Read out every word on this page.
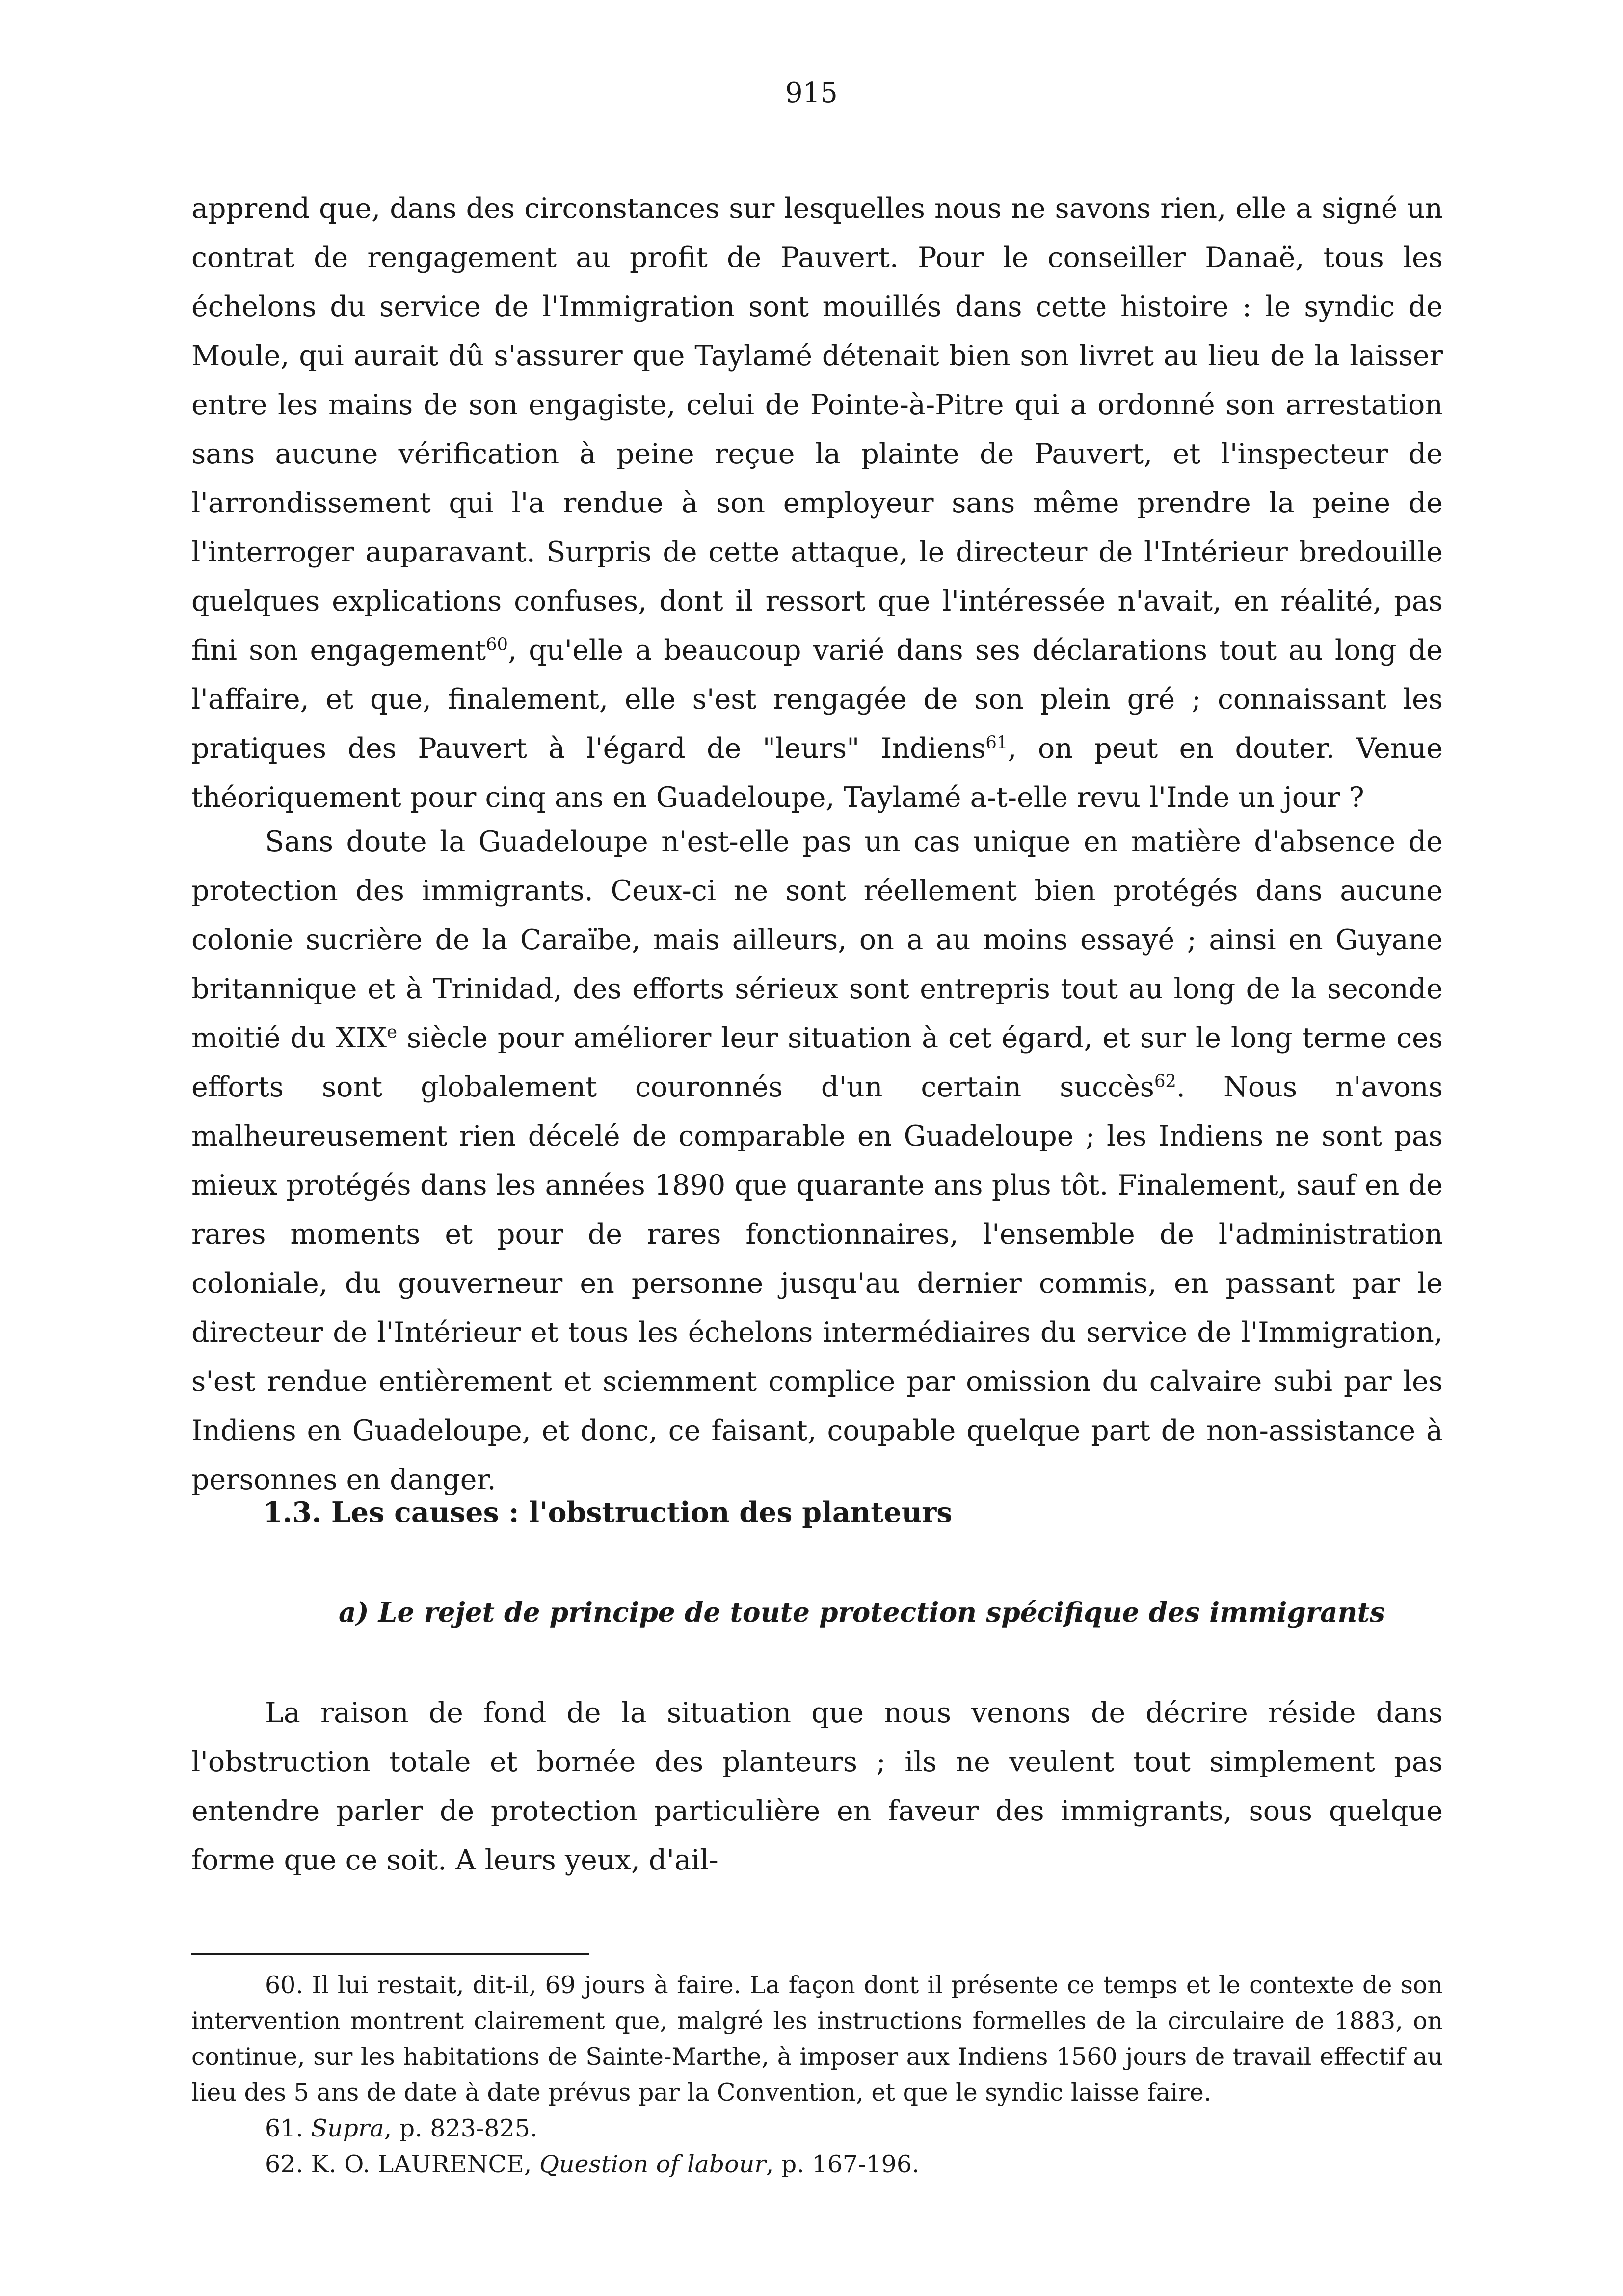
915

apprend que, dans des circonstances sur lesquelles nous ne savons rien, elle a signé un contrat de rengagement au profit de Pauvert. Pour le conseiller Danaë, tous les échelons du service de l'Immigration sont mouillés dans cette histoire : le syndic de Moule, qui aurait dû s'assurer que Taylamé détenait bien son livret au lieu de la laisser entre les mains de son engagiste, celui de Pointe-à-Pitre qui a ordonné son arrestation sans aucune vérification à peine reçue la plainte de Pauvert, et l'inspecteur de l'arrondissement qui l'a rendue à son employeur sans même prendre la peine de l'interroger auparavant. Surpris de cette attaque, le directeur de l'Intérieur bredouille quelques explications confuses, dont il ressort que l'intéressée n'avait, en réalité, pas fini son engagement$^{60}$, qu'elle a beaucoup varié dans ses déclarations tout au long de l'affaire, et que, finalement, elle s'est rengagée de son plein gré ; connaissant les pratiques des Pauvert à l'égard de "leurs" Indiens$^{61}$, on peut en douter. Venue théoriquement pour cinq ans en Guadeloupe, Taylamé a-t-elle revu l'Inde un jour ?

Sans doute la Guadeloupe n'est-elle pas un cas unique en matière d'absence de protection des immigrants. Ceux-ci ne sont réellement bien protégés dans aucune colonie sucrière de la Caraïbe, mais ailleurs, on a au moins essayé ; ainsi en Guyane britannique et à Trinidad, des efforts sérieux sont entrepris tout au long de la seconde moitié du XIXe siècle pour améliorer leur situation à cet égard, et sur le long terme ces efforts sont globalement couronnés d'un certain succès$^{62}$. Nous n'avons malheureusement rien décelé de comparable en Guadeloupe ; les Indiens ne sont pas mieux protégés dans les années 1890 que quarante ans plus tôt. Finalement, sauf en de rares moments et pour de rares fonctionnaires, l'ensemble de l'administration coloniale, du gouverneur en personne jusqu'au dernier commis, en passant par le directeur de l'Intérieur et tous les échelons intermédiaires du service de l'Immigration, s'est rendue entièrement et sciemment complice par omission du calvaire subi par les Indiens en Guadeloupe, et donc, ce faisant, coupable quelque part de non-assistance à personnes en danger.

1.3. Les causes : l'obstruction des planteurs
a) Le rejet de principe de toute protection spécifique des immigrants

La raison de fond de la situation que nous venons de décrire réside dans l'obstruction totale et bornée des planteurs ; ils ne veulent tout simplement pas entendre parler de protection particulière en faveur des immigrants, sous quelque forme que ce soit. A leurs yeux, d'ail-

60. Il lui restait, dit-il, 69 jours à faire. La façon dont il présente ce temps et le contexte de son intervention montrent clairement que, malgré les instructions formelles de la circulaire de 1883, on continue, sur les habitations de Sainte-Marthe, à imposer aux Indiens 1560 jours de travail effectif au lieu des 5 ans de date à date prévus par la Convention, et que le syndic laisse faire.

61. Supra, p. 823-825.

62. K. O. LAURENCE, Question of labour, p. 167-196.
